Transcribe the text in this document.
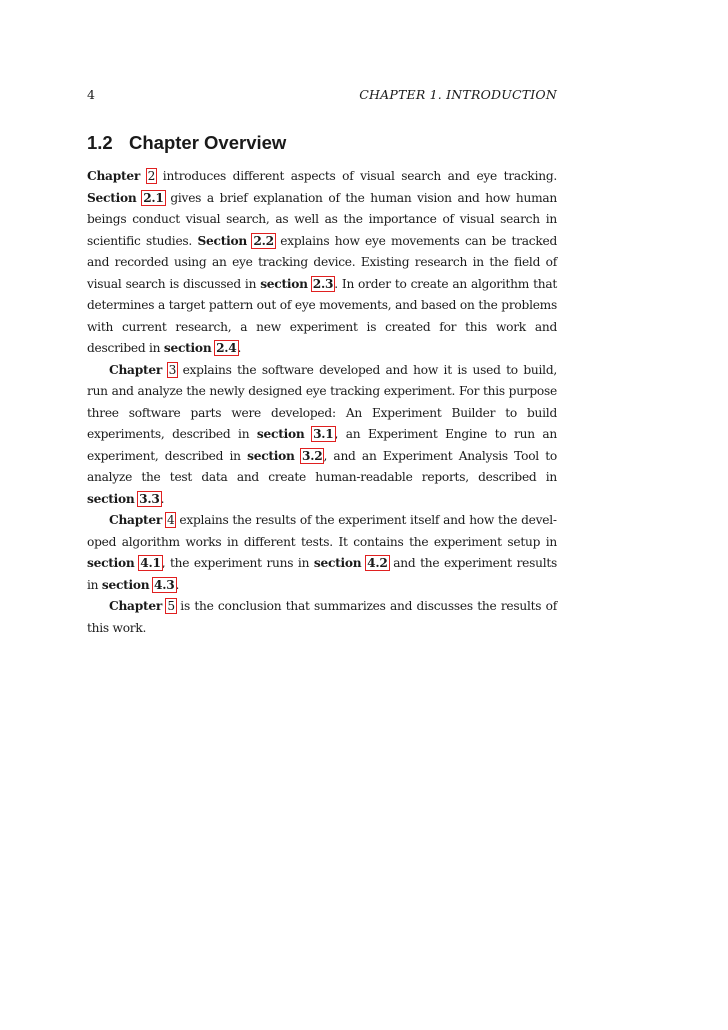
4	CHAPTER 1. INTRODUCTION
1.2 Chapter Overview

Chapter 2 introduces different aspects of visual search and eye tracking. Section 2.1 gives a brief explanation of the human vision and how human beings conduct visual search, as well as the importance of visual search in scientific studies. Section 2.2 explains how eye movements can be tracked and recorded using an eye tracking device. Existing research in the field of visual search is discussed in section 2.3. In order to create an algorithm that determines a target pattern out of eye movements, and based on the problems with current research, a new experiment is created for this work and described in section 2.4.

Chapter 3 explains the software developed and how it is used to build, run and analyze the newly designed eye tracking experiment. For this purpose three software parts were developed: An Experiment Builder to build experiments, described in section 3.1, an Experiment Engine to run an experiment, described in section 3.2, and an Experiment Analysis Tool to analyze the test data and create human-readable reports, described in section 3.3.

Chapter 4 explains the results of the experiment itself and how the developed algorithm works in different tests. It contains the experiment setup in section 4.1, the experiment runs in section 4.2 and the experiment results in section 4.3.

Chapter 5 is the conclusion that summarizes and discusses the results of this work.
